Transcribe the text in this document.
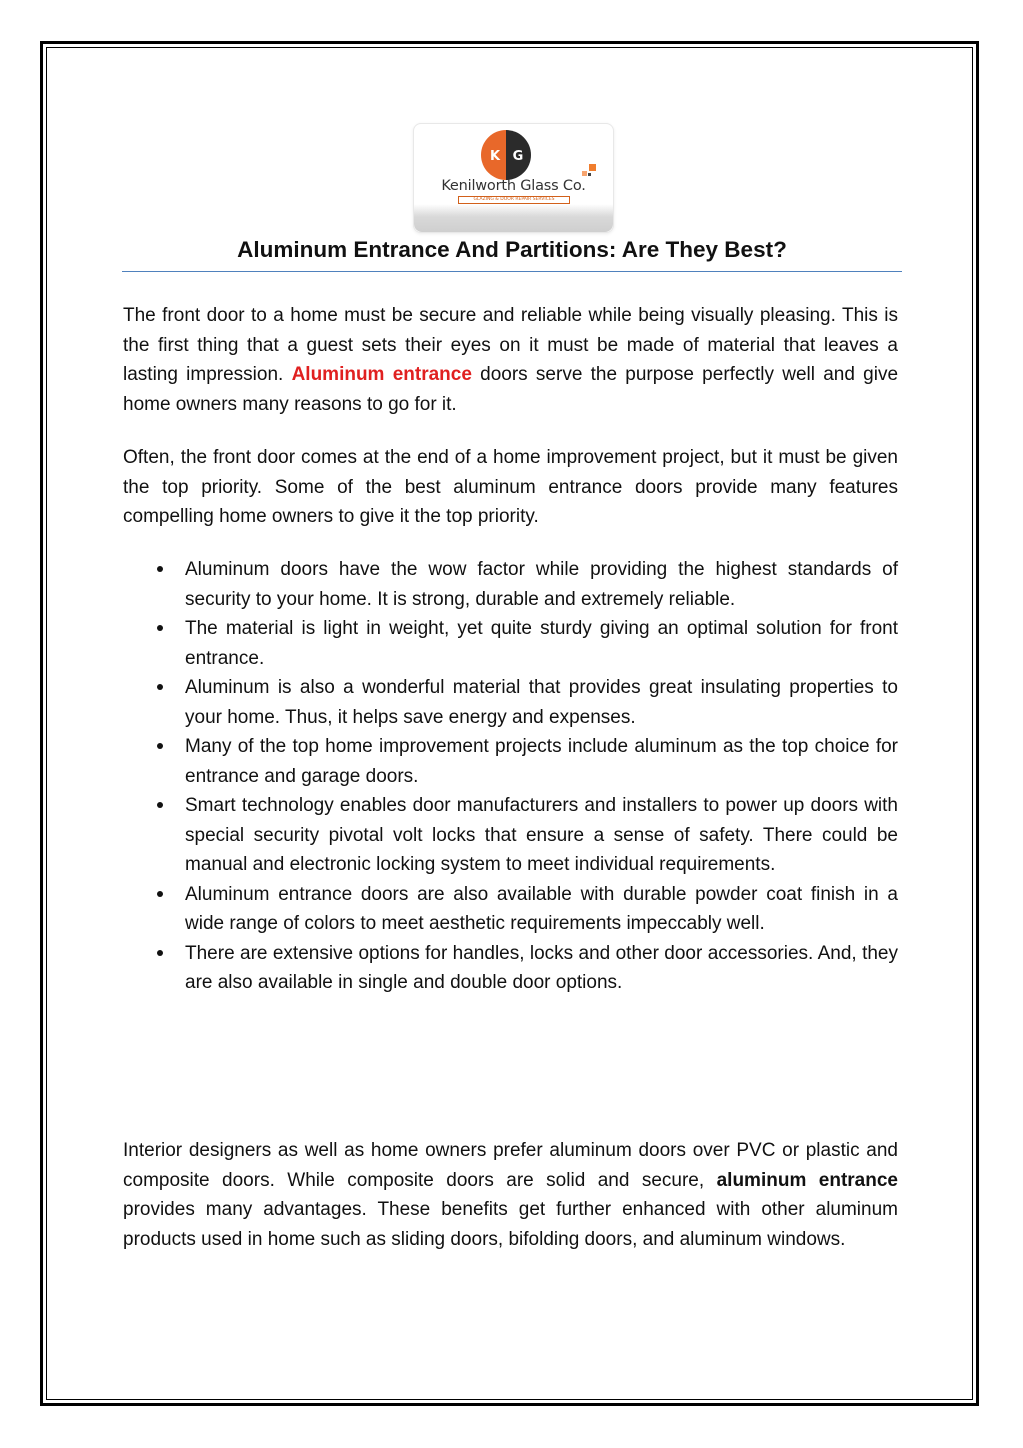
K G
Kenilworth Glass Co.
GLAZING & DOOR REPAIR SERVICES
Aluminum Entrance And Partitions: Are They Best?

The front door to a home must be secure and reliable while being visually pleasing. This is the first thing that a guest sets their eyes on it must be made of material that leaves a lasting impression. Aluminum entrance doors serve the purpose perfectly well and give home owners many reasons to go for it.

Often, the front door comes at the end of a home improvement project, but it must be given the top priority. Some of the best aluminum entrance doors provide many features compelling home owners to give it the top priority.

Aluminum doors have the wow factor while providing the highest standards of security to your home. It is strong, durable and extremely reliable.
The material is light in weight, yet quite sturdy giving an optimal solution for front entrance.
Aluminum is also a wonderful material that provides great insulating properties to your home. Thus, it helps save energy and expenses.
Many of the top home improvement projects include aluminum as the top choice for entrance and garage doors.
Smart technology enables door manufacturers and installers to power up doors with special security pivotal volt locks that ensure a sense of safety. There could be manual and electronic locking system to meet individual requirements.
Aluminum entrance doors are also available with durable powder coat finish in a wide range of colors to meet aesthetic requirements impeccably well.
There are extensive options for handles, locks and other door accessories. And, they are also available in single and double door options.

Interior designers as well as home owners prefer aluminum doors over PVC or plastic and composite doors. While composite doors are solid and secure, aluminum entrance provides many advantages. These benefits get further enhanced with other aluminum products used in home such as sliding doors, bifolding doors, and aluminum windows.
